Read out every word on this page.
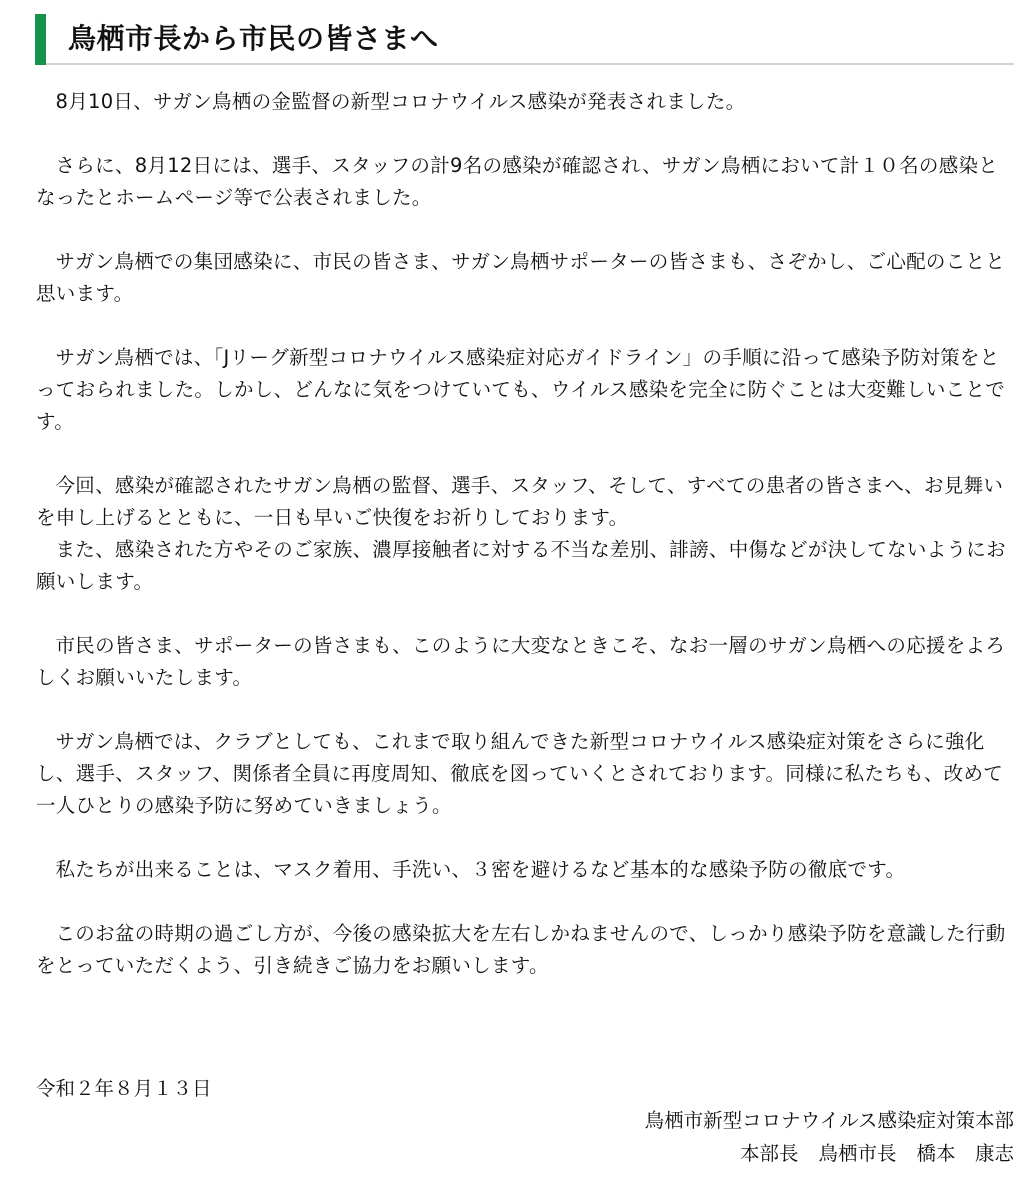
鳥栖市長から市民の皆さまへ

8月10日、サガン鳥栖の金監督の新型コロナウイルス感染が発表されました。

さらに、8月12日には、選手、スタッフの計9名の感染が確認され、サガン鳥栖において計１０名の感染となったとホームページ等で公表されました。

サガン鳥栖での集団感染に、市民の皆さま、サガン鳥栖サポーターの皆さまも、さぞかし、ご心配のことと思います。

サガン鳥栖では、「Jリーグ新型コロナウイルス感染症対応ガイドライン」の手順に沿って感染予防対策をとっておられました。しかし、どんなに気をつけていても、ウイルス感染を完全に防ぐことは大変難しいことです。

今回、感染が確認されたサガン鳥栖の監督、選手、スタッフ、そして、すべての患者の皆さまへ、お見舞いを申し上げるとともに、一日も早いご快復をお祈りしております。

また、感染された方やそのご家族、濃厚接触者に対する不当な差別、誹謗、中傷などが決してないようにお願いします。

市民の皆さま、サポーターの皆さまも、このように大変なときこそ、なお一層のサガン鳥栖への応援をよろしくお願いいたします。

サガン鳥栖では、クラブとしても、これまで取り組んできた新型コロナウイルス感染症対策をさらに強化し、選手、スタッフ、関係者全員に再度周知、徹底を図っていくとされております。同様に私たちも、改めて一人ひとりの感染予防に努めていきましょう。

私たちが出来ることは、マスク着用、手洗い、３密を避けるなど基本的な感染予防の徹底です。

このお盆の時期の過ごし方が、今後の感染拡大を左右しかねませんので、しっかり感染予防を意識した行動をとっていただくよう、引き続きご協力をお願いします。

令和２年８月１３日
鳥栖市新型コロナウイルス感染症対策本部
本部長 鳥栖市長 橋本　康志
